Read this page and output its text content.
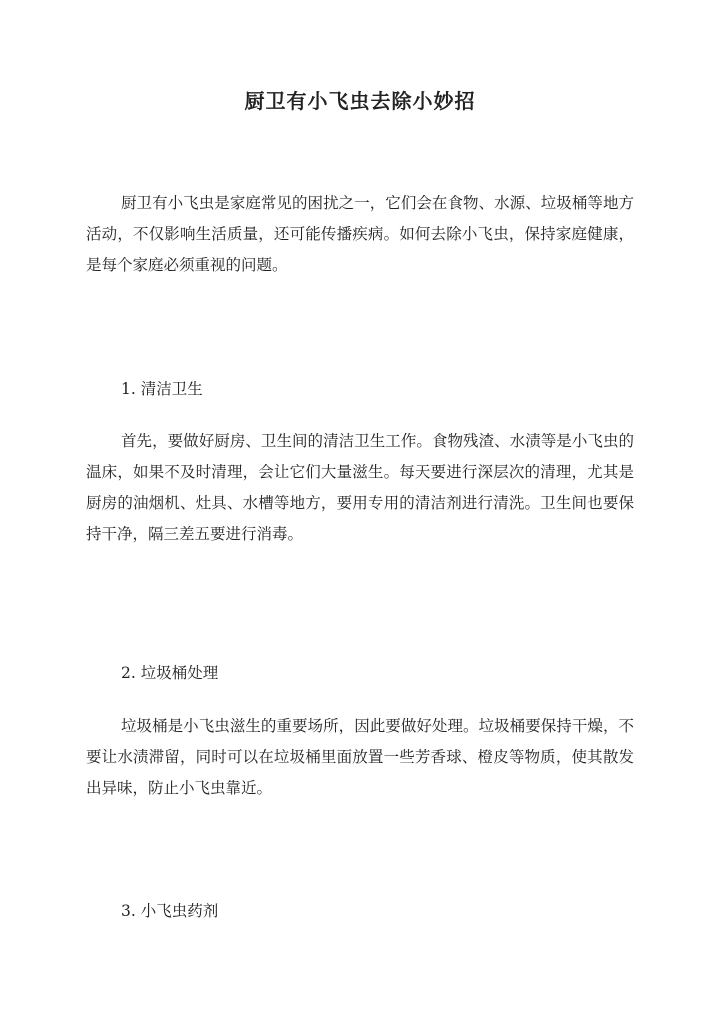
厨卫有小飞虫去除小妙招

厨卫有小飞虫是家庭常见的困扰之一，它们会在食物、水源、垃圾桶等地方活动，不仅影响生活质量，还可能传播疾病。如何去除小飞虫，保持家庭健康，是每个家庭必须重视的问题。

1. 清洁卫生

首先，要做好厨房、卫生间的清洁卫生工作。食物残渣、水渍等是小飞虫的温床，如果不及时清理，会让它们大量滋生。每天要进行深层次的清理，尤其是厨房的油烟机、灶具、水槽等地方，要用专用的清洁剂进行清洗。卫生间也要保持干净，隔三差五要进行消毒。

2. 垃圾桶处理

垃圾桶是小飞虫滋生的重要场所，因此要做好处理。垃圾桶要保持干燥，不要让水渍滞留，同时可以在垃圾桶里面放置一些芳香球、橙皮等物质，使其散发出异味，防止小飞虫靠近。

3. 小飞虫药剂
